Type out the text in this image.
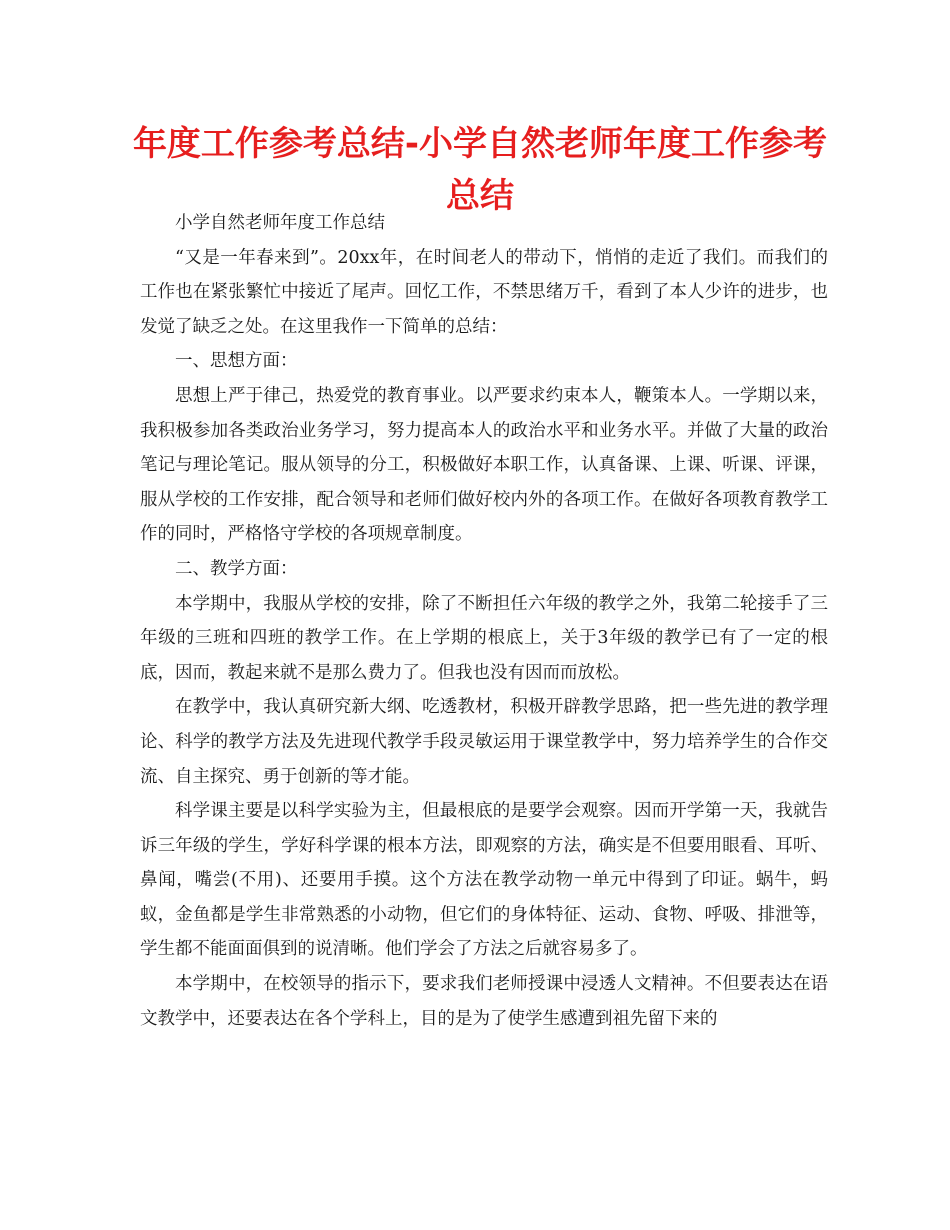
年度工作参考总结-小学自然老师年度工作参考总结

小学自然老师年度工作总结

“又是一年春来到”。20xx年，在时间老人的带动下，悄悄的走近了我们。而我们的工作也在紧张繁忙中接近了尾声。回忆工作，不禁思绪万千，看到了本人少许的进步，也发觉了缺乏之处。在这里我作一下简单的总结：

一、思想方面：

思想上严于律己，热爱党的教育事业。以严要求约束本人，鞭策本人。一学期以来，我积极参加各类政治业务学习，努力提高本人的政治水平和业务水平。并做了大量的政治笔记与理论笔记。服从领导的分工，积极做好本职工作，认真备课、上课、听课、评课，服从学校的工作安排，配合领导和老师们做好校内外的各项工作。在做好各项教育教学工作的同时，严格恪守学校的各项规章制度。

二、教学方面：

本学期中，我服从学校的安排，除了不断担任六年级的教学之外，我第二轮接手了三年级的三班和四班的教学工作。在上学期的根底上，关于3年级的教学已有了一定的根底，因而，教起来就不是那么费力了。但我也没有因而而放松。

在教学中，我认真研究新大纲、吃透教材，积极开辟教学思路，把一些先进的教学理论、科学的教学方法及先进现代教学手段灵敏运用于课堂教学中，努力培养学生的合作交流、自主探究、勇于创新的等才能。

科学课主要是以科学实验为主，但最根底的是要学会观察。因而开学第一天，我就告诉三年级的学生，学好科学课的根本方法，即观察的方法，确实是不但要用眼看、耳听、鼻闻，嘴尝(不用)、还要用手摸。这个方法在教学动物一单元中得到了印证。蜗牛，蚂蚁，金鱼都是学生非常熟悉的小动物，但它们的身体特征、运动、食物、呼吸、排泄等，学生都不能面面俱到的说清晰。他们学会了方法之后就容易多了。

本学期中，在校领导的指示下，要求我们老师授课中浸透人文精神。不但要表达在语文教学中，还要表达在各个学科上，目的是为了使学生感遭到祖先留下来的
